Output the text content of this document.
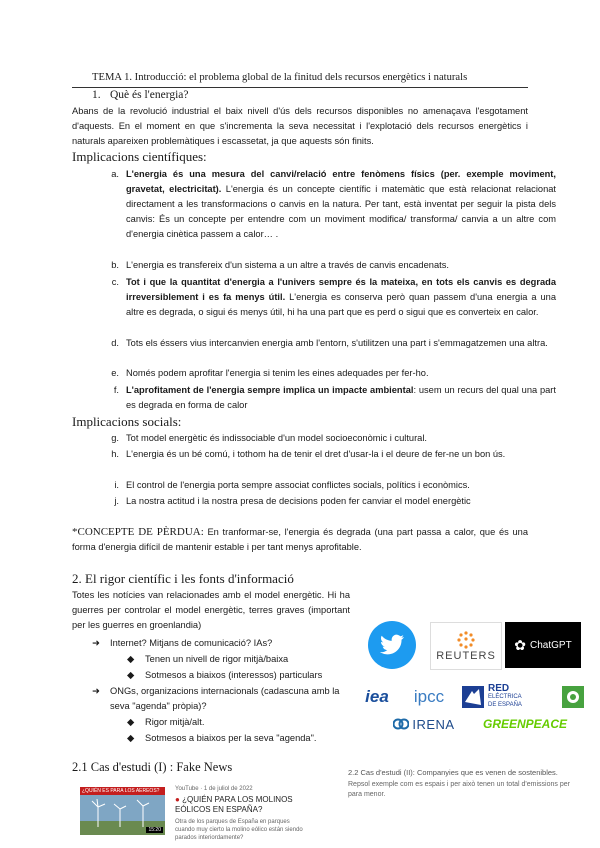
TEMA 1. Introducció: el problema global de la finitud dels recursos energètics i naturals
1. Què és l'energia?
Abans de la revolució industrial el baix nivell d'ús dels recursos disponibles no amenaçava l'esgotament d'aquests. En el moment en que s'incrementa la seva necessitat i l'explotació dels recursos energètics i naturals apareixen problemàtiques i escassetat, ja que aquests són finits.
Implicacions científiques:
a. L'energia és una mesura del canvi/relació entre fenòmens físics (per. exemple moviment, gravetat, electricitat). L'energia és un concepte científic i matemàtic que està relacionat relacionat directament a les transformacions o canvis en la natura. Per tant, està inventat per seguir la pista dels canvis: És un concepte per entendre com un moviment modifica/ transforma/ canvia a un altre com d'energia cinètica passem a calor… .
b. L'energia es transfereix d'un sistema a un altre a través de canvis encadenats.
c. Tot i que la quantitat d'energia a l'univers sempre és la mateixa, en tots els canvis es degrada irreversiblement i es fa menys útil. L'energia es conserva però quan passem d'una energia a una altre es degrada, o sigui és menys útil, hi ha una part que es perd o sigui que es converteix en calor.
d. Tots els éssers vius intercanvien energia amb l'entorn, s'utilitzen una part i s'emmagatzemen una altra.
e. Només podem aprofitar l'energia si tenim les eines adequades per fer-ho.
f. L'aprofitament de l'energia sempre implica un impacte ambiental: usem un recurs del qual una part es degrada en forma de calor
Implicacions socials:
g. Tot model energètic és indissociable d'un model socioeconòmic i cultural.
h. L'energia és un bé comú, i tothom ha de tenir el dret d'usar-la i el deure de fer-ne un bon ús.
i. El control de l'energia porta sempre associat conflictes socials, polítics i econòmics.
j. La nostra actitud i la nostra presa de decisions poden fer canviar el model energètic
*CONCEPTE DE PÈRDUA: En tranformar-se, l'energia és degrada (una part passa a calor, que és una forma d'energia difícil de mantenir estable i per tant menys aprofitable.
2. El rigor científic i les fonts d'informació
Totes les notícies van relacionades amb el model energètic. Hi ha guerres per controlar el model energètic, terres graves (important per les guerres en groenlandia)
➜ Internet? Mitjans de comunicació? IAs?
◆ Tenen un nivell de rigor mitjà/baixa
◆ Sotmesos a biaixos (interessos) particulars
➜ ONGs, organizacions internacionals (cadascuna amb la seva "agenda" pròpia)?
◆ Rigor mitjà/alt.
◆ Sotmesos a biaixos per la seva "agenda".
REUTERS
✿ ChatGPT
iea	ipcc	RED
ELÉCTRICA
DE ESPAÑA
IRENA	GREENPEACE
2.1 Cas d'estudi (I) : Fake News
¿QUIÉN ES PARA LOS AEREOS?
15:20
YouTube · 1 de juliol de 2022
● ¿QUIÉN PARA LOS MOLINOS EÓLICOS EN ESPAÑA?
Otra de los parques de España en parques cuando muy cierto la molino eólico están siendo parados interiordamente?
2.2 Cas d'estudi (II): Companyies que es venen de sostenibles.
Repsol exemple com es espais i per això tenen un total d'emissions per para menor.
